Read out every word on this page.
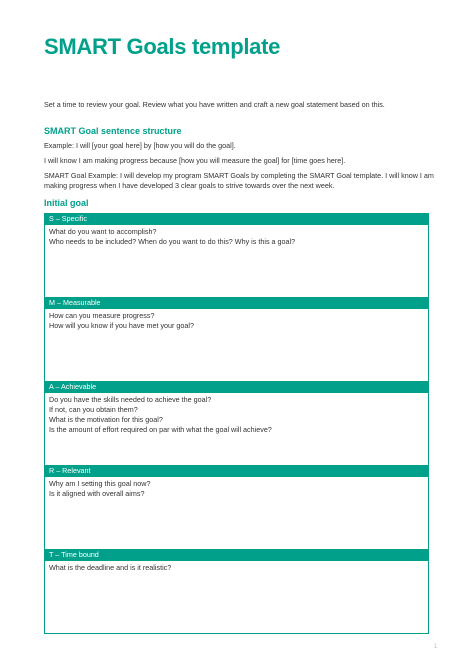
SMART Goals template
Set a time to review your goal. Review what you have written and craft a new goal statement based on this.
SMART Goal sentence structure
Example: I will [your goal here] by [how you will do the goal].
I will know I am making progress because [how you will measure the goal] for [time goes here].
SMART Goal Example: I will develop my program SMART Goals by completing the SMART Goal template. I will know I am making progress when I have developed 3 clear goals to strive towards over the next week.
Initial goal
S – Specific
What do you want to accomplish?
Who needs to be included? When do you want to do this? Why is this a goal?
M – Measurable
How can you measure progress?
How will you know if you have met your goal?
A – Achievable
Do you have the skills needed to achieve the goal?
If not, can you obtain them?
What is the motivation for this goal?
Is the amount of effort required on par with what the goal will achieve?
R – Relevant
Why am I setting this goal now?
Is it aligned with overall aims?
T – Time bound
What is the deadline and is it realistic?
1
